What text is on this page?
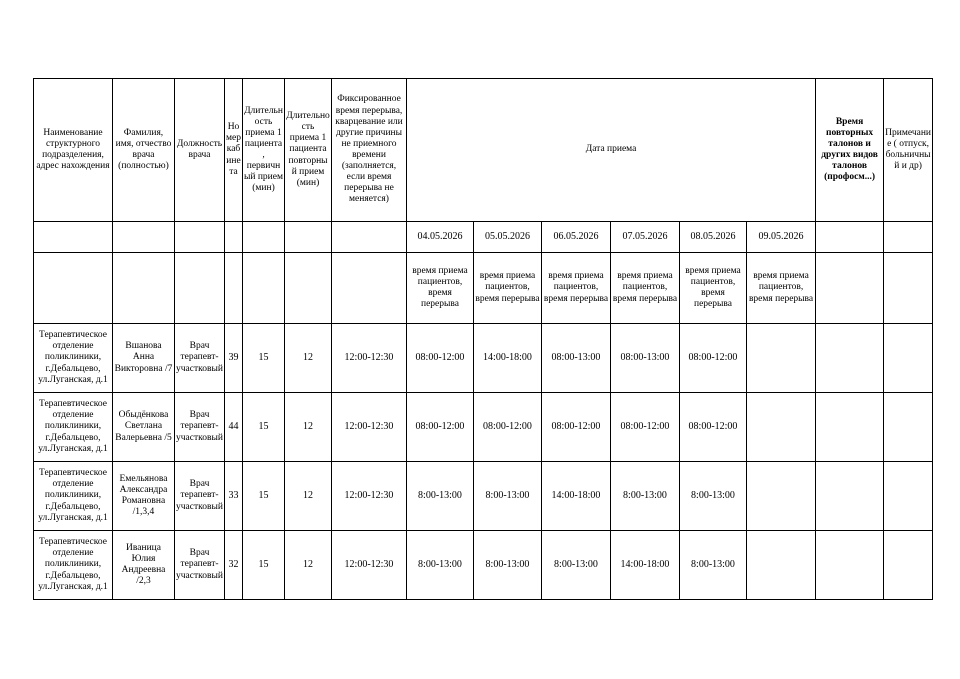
Наименование структурного подразделения, адрес нахождения	Фамилия, имя, отчество врача (полностью)	Должность врача	Номер кабинета	Длительность приема 1 пациента, первичный прием (мин)	Длительность приема 1 пациента повторный прием (мин)	Фиксированное время перерыва, кварцевание или другие причины не приемного времени (заполняется, если время перерыва не меняется)	Дата приема						Время повторных талонов и других видов талонов (профосм...)	Примечание ( отпуск, больничный и др)
							04.05.2026	05.05.2026	06.05.2026	07.05.2026	08.05.2026	09.05.2026		
							время приема пациентов, время перерыва	время приема пациентов, время перерыва	время приема пациентов, время перерыва	время приема пациентов, время перерыва	время приема пациентов, время перерыва	время приема пациентов, время перерыва		
Терапевтическое отделение поликлиники, г.Дебальцево, ул.Луганская, д.1	Вшанова Анна Викторовна /7	Врач терапевт-участковый	39	15	12	12:00-12:30	08:00-12:00	14:00-18:00	08:00-13:00	08:00-13:00	08:00-12:00			
Терапевтическое отделение поликлиники, г.Дебальцево, ул.Луганская, д.1	Обыдёнкова Светлана Валерьевна /5	Врач терапевт-участковый	44	15	12	12:00-12:30	08:00-12:00	08:00-12:00	08:00-12:00	08:00-12:00	08:00-12:00			
Терапевтическое отделение поликлиники, г.Дебальцево, ул.Луганская, д.1	Емельянова Александра Романовна /1,3,4	Врач терапевт-участковый	33	15	12	12:00-12:30	8:00-13:00	8:00-13:00	14:00-18:00	8:00-13:00	8:00-13:00			
Терапевтическое отделение поликлиники, г.Дебальцево, ул.Луганская, д.1	Иваница Юлия Андреевна /2,3	Врач терапевт-участковый	32	15	12	12:00-12:30	8:00-13:00	8:00-13:00	8:00-13:00	14:00-18:00	8:00-13:00			
